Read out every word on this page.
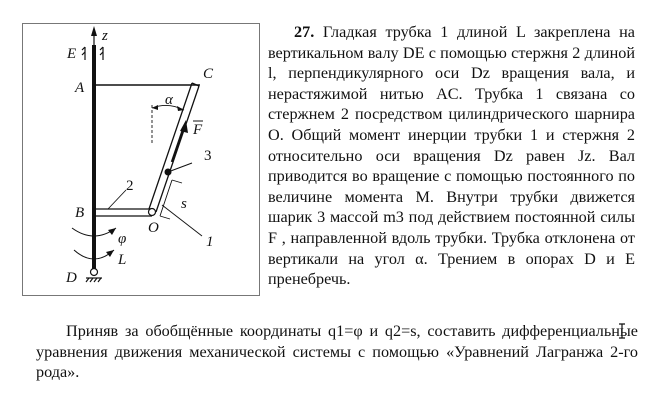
z
E
A
C
α
F
3
2
B
O
s
1
φ
L
D

27. Гладкая трубка 1 длиной L закреплена на вертикальном валу DE с помощью стержня 2 длиной l, перпендикулярного оси Dz вращения вала, и нерастяжимой нитью AC. Трубка 1 связана со стержнем 2 посредством цилиндрического шарнира O. Общий момент инерции трубки 1 и стержня 2 относительно оси вращения Dz равен Jz. Вал приводится во вращение с помощью постоянного по величине момента M. Внутри трубки движется шарик 3 массой m3 под действием постоянной силы F , направленной вдоль трубки. Трубка отклонена от вертикали на угол α. Трением в опорах D и E пренебречь.

Приняв за обобщённые координаты q1=φ и q2=s, составить дифференциальные уравнения движения механической системы с помощью «Уравнений Лагранжа 2-го рода».
